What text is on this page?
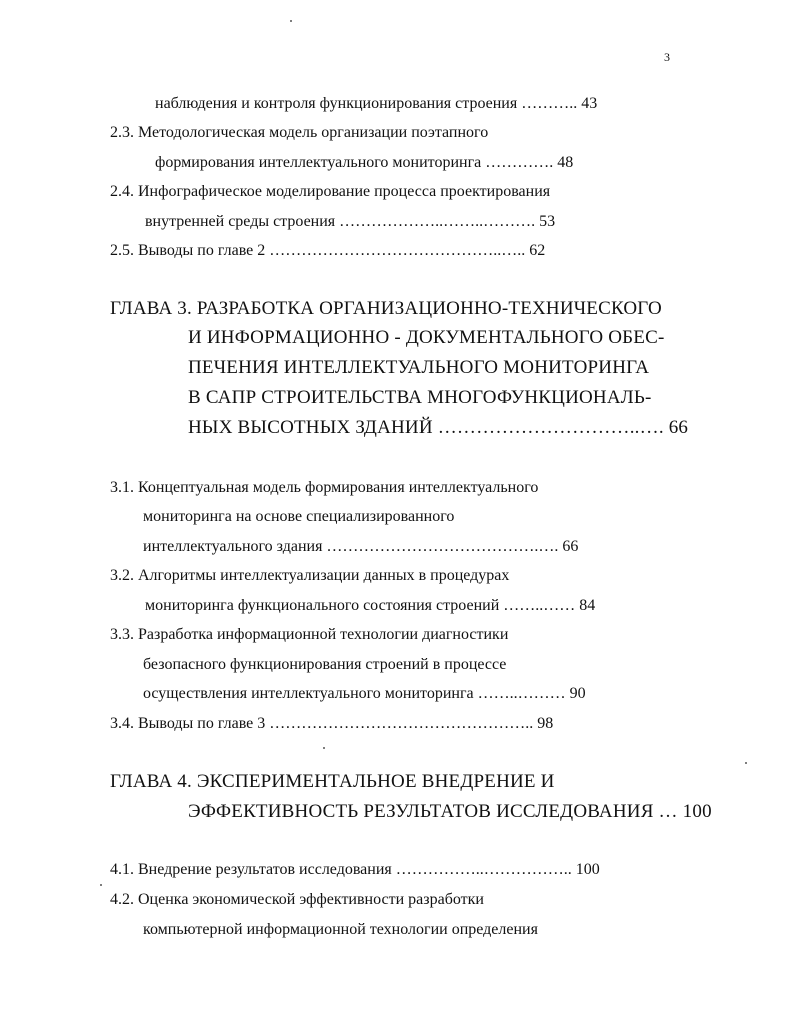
3
наблюдения и контроля функционирования строения ……….. 43
2.3. Методологическая модель организации поэтапного
формирования интеллектуального мониторинга …………. 48
2.4. Инфографическое моделирование процесса проектирования
внутренней среды строения ………………..……..………. 53
2.5. Выводы по главе 2 ……………………………………..….. 62
ГЛАВА 3. РАЗРАБОТКА ОРГАНИЗАЦИОННО-ТЕХНИЧЕСКОГО
И ИНФОРМАЦИОННО - ДОКУМЕНТАЛЬНОГО ОБЕС-
ПЕЧЕНИЯ ИНТЕЛЛЕКТУАЛЬНОГО МОНИТОРИНГА
В САПР СТРОИТЕЛЬСТВА МНОГОФУНКЦИОНАЛЬ-
НЫХ ВЫСОТНЫХ ЗДАНИЙ …………………………..…. 66
3.1. Концептуальная модель формирования интеллектуального
мониторинга на основе специализированного
интеллектуального здания ………………………………….…. 66
3.2. Алгоритмы интеллектуализации данных в процедурах
мониторинга функционального состояния строений ……..…… 84
3.3. Разработка информационной технологии диагностики
безопасного функционирования строений в процессе
осуществления интеллектуального мониторинга ……..……… 90
3.4. Выводы по главе 3 ………………………………………….. 98
ГЛАВА 4. ЭКСПЕРИМЕНТАЛЬНОЕ ВНЕДРЕНИЕ И
ЭФФЕКТИВНОСТЬ РЕЗУЛЬТАТОВ ИССЛЕДОВАНИЯ … 100
4.1. Внедрение результатов исследования ……………..…………….. 100
4.2. Оценка экономической эффективности разработки
компьютерной информационной технологии определения
